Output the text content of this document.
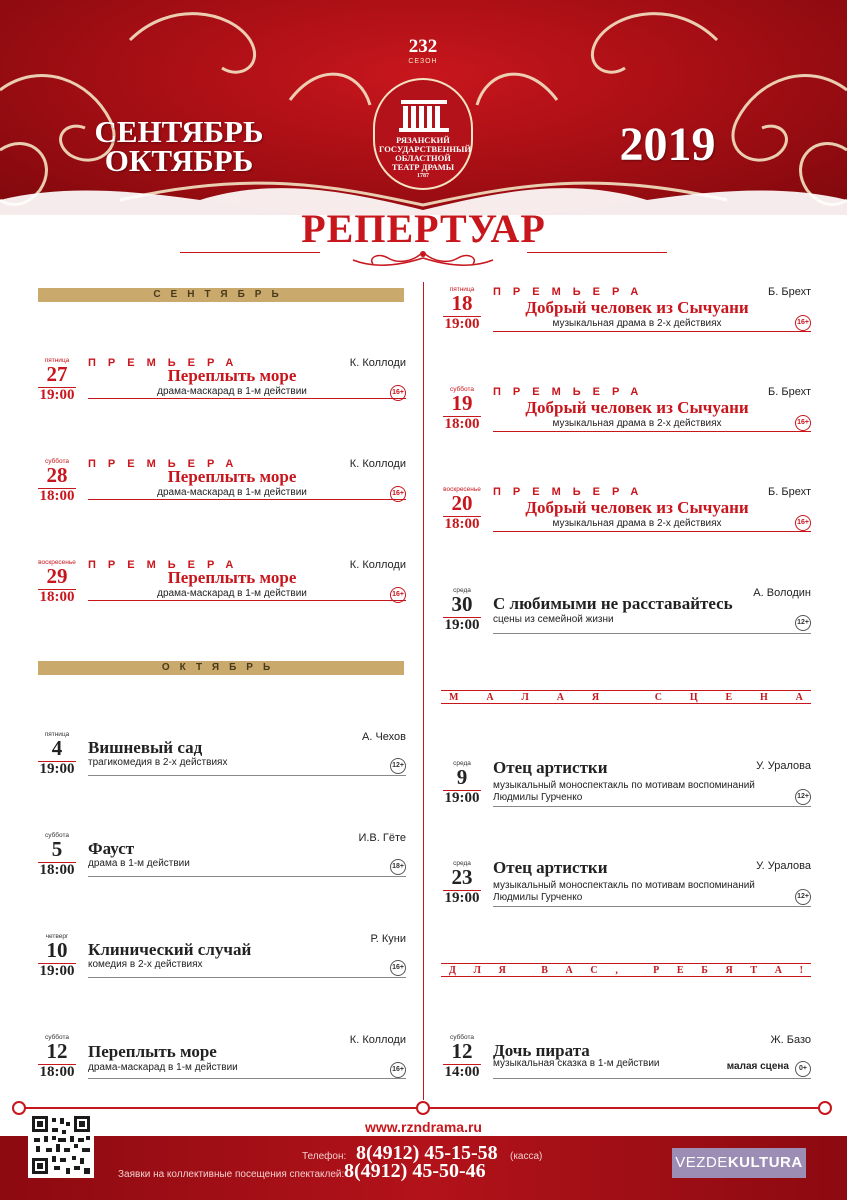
232
СЕЗОН
РЯЗАНСКИЙ
ГОСУДАРСТВЕННЫЙ
ОБЛАСТНОЙ
ТЕАТР ДРАМЫ
1787
СЕНТЯБРЬ
ОКТЯБРЬ	2019
РЕПЕРТУАР
СЕНТЯБРЬ
ОКТЯБРЬ
пятница
27
19:00
ПРЕМЬЕРА	К. Коллоди
Переплыть море
драма-маскарад в 1-м действии	16+
суббота
28
18:00
ПРЕМЬЕРА	К. Коллоди
Переплыть море
драма-маскарад в 1-м действии	16+
воскресенье
29
18:00
ПРЕМЬЕРА	К. Коллоди
Переплыть море
драма-маскарад в 1-м действии	16+
пятница
4
19:00
А. Чехов
Вишневый сад
трагикомедия в 2-х действиях	12+
суббота
5
18:00
И.В. Гёте
Фауст
драма в 1-м действии	18+
четверг
10
19:00
Р. Куни
Клинический случай
комедия в 2-х действиях	16+
суббота
12
18:00
К. Коллоди
Переплыть море
драма-маскарад в 1-м действии	16+
пятница
18
19:00
ПРЕМЬЕРА	Б. Брехт
Добрый человек из Сычуани
музыкальная драма в 2-х действиях	16+
суббота
19
18:00
ПРЕМЬЕРА	Б. Брехт
Добрый человек из Сычуани
музыкальная драма в 2-х действиях	16+
воскресенье
20
18:00
ПРЕМЬЕРА	Б. Брехт
Добрый человек из Сычуани
музыкальная драма в 2-х действиях	16+
среда
30
19:00
А. Володин
С любимыми не расставайтесь
сцены из семейной жизни	12+
М	А	Л	А	Я	С	Ц	Е	Н	А
среда
9
19:00
У. Уралова
Отец артистки
музыкальный моноспектакль по мотивам воспоминаний
Людмилы Гурченко	12+
среда
23
19:00
У. Уралова
Отец артистки
музыкальный моноспектакль по мотивам воспоминаний
Людмилы Гурченко	12+
Д Л Я	В А С ,	Р Е Б Я Т А !
суббота
12
14:00
Ж. Базо
Дочь пирата
музыкальная сказка в 1-м действии	малая сцена	0+
www.rzndrama.ru
Телефон: 8(4912) 45-15-58 (касса)
Заявки на коллективные посещения спектаклей: 8(4912) 45-50-46	VEZDEKULTURA
